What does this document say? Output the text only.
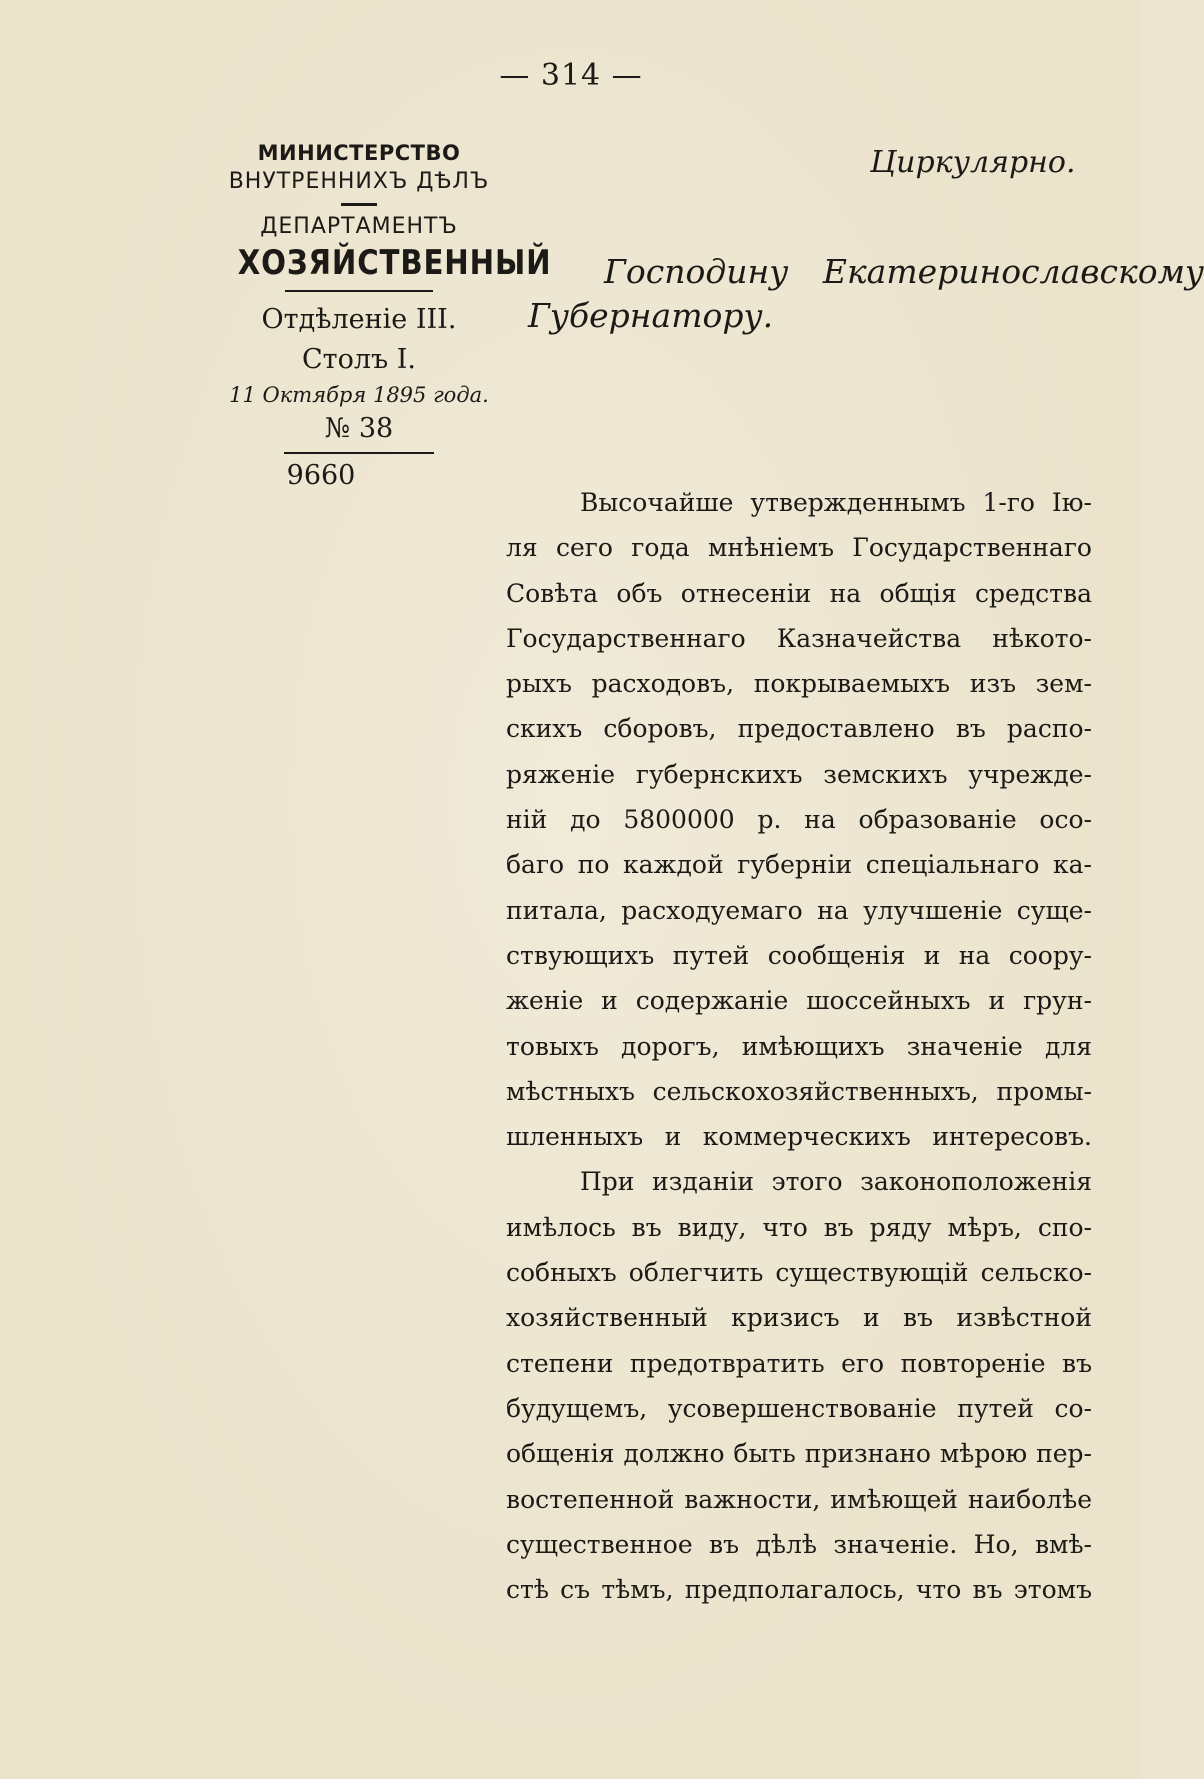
— 314 —
МИНИСТЕРСТВО
ВНУТРЕННИХЪ ДѢЛЪ
ДЕПАРТАМЕНТЪ
ХОЗЯЙСТВЕННЫЙ
Отдѣленіе III.
Столъ I.
11 Октября 1895 года.
№ 38
9660
Циркулярно.
Господину Екатеринославскому
Губернатору.
Высочайше утвержденнымъ 1-го Ію-
ля сего года мнѣніемъ Государственнаго
Совѣта объ отнесеніи на общія средства
Государственнаго Казначейства нѣкото-
рыхъ расходовъ, покрываемыхъ изъ зем-
скихъ сборовъ, предоставлено въ распо-
ряженіе губернскихъ земскихъ учрежде-
ній до 5800000 р. на образованіе осо-
баго по каждой губерніи спеціальнаго ка-
питала, расходуемаго на улучшеніе суще-
ствующихъ путей сообщенія и на соору-
женіе и содержаніе шоссейныхъ и грун-
товыхъ дорогъ, имѣющихъ значеніе для
мѣстныхъ сельскохозяйственныхъ, промы-
шленныхъ и коммерческихъ интересовъ.
При изданіи этого законоположенія
имѣлось въ виду, что въ ряду мѣръ, спо-
собныхъ облегчить существующій сельско-
хозяйственный кризисъ и въ извѣстной
степени предотвратить его повтореніе въ
будущемъ, усовершенствованіе путей со-
общенія должно быть признано мѣрою пер-
востепенной важности, имѣющей наиболѣе
существенное въ дѣлѣ значеніе. Но, вмѣ-
стѣ съ тѣмъ, предполагалось, что въ этомъ
